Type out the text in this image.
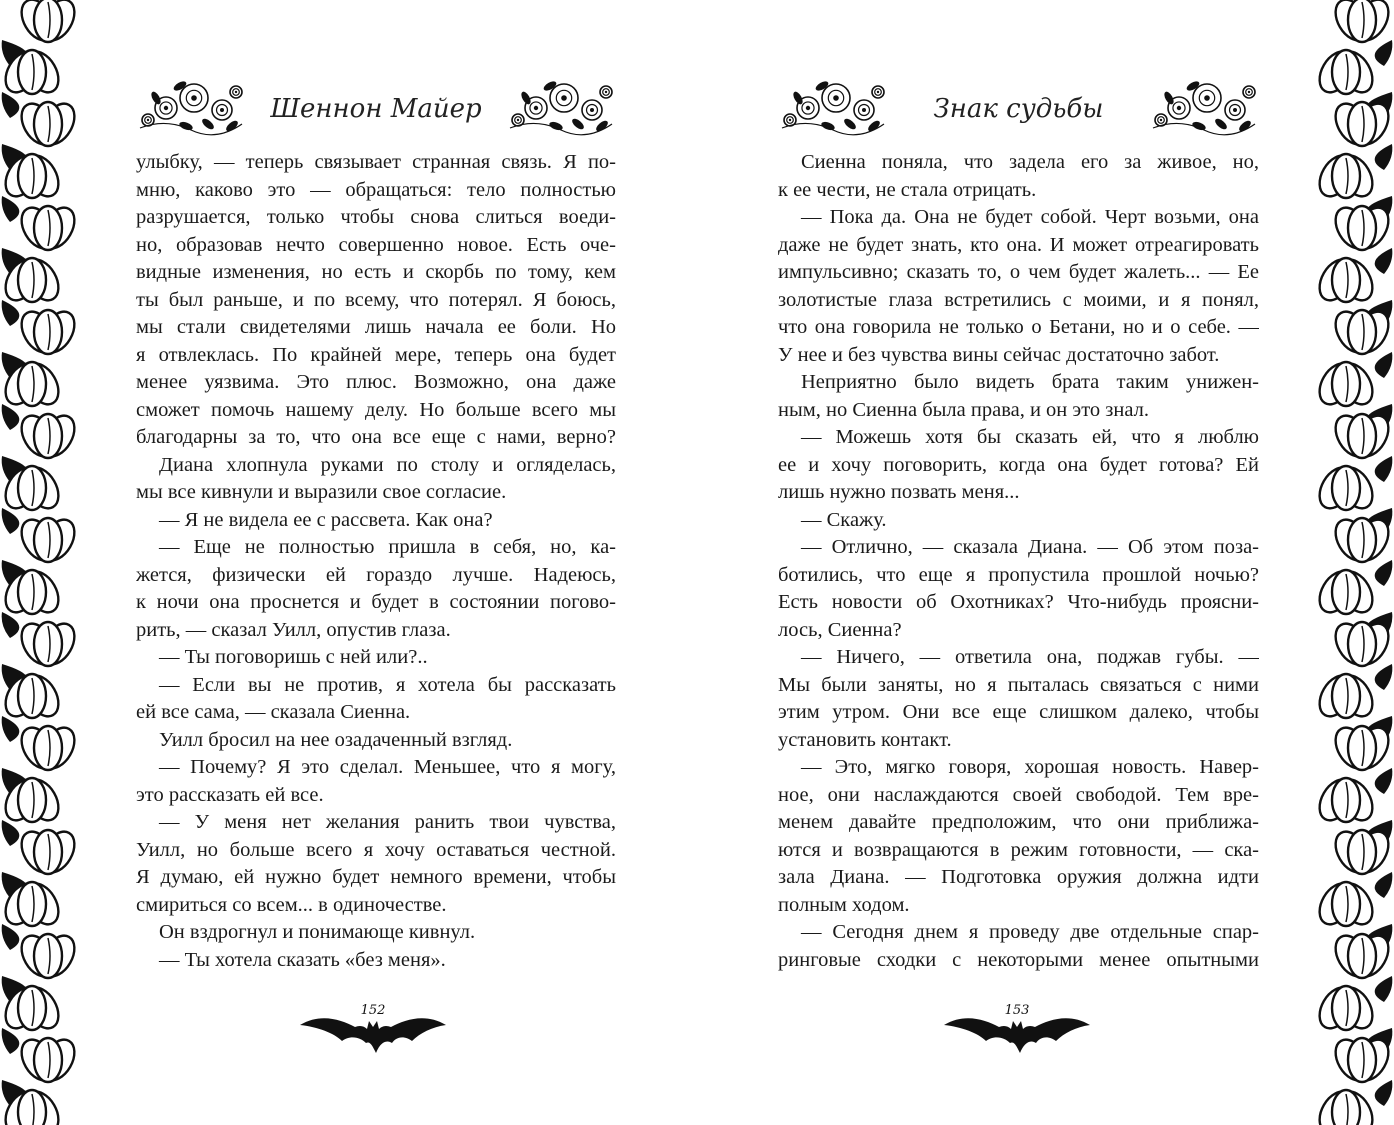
Шеннон Майер
улыбку, — теперь связывает странная связь. Я по-
мню, каково это — обращаться: тело полностью
разрушается, только чтобы снова слиться воеди-
но, образовав нечто совершенно новое. Есть оче-
видные изменения, но есть и скорбь по тому, кем
ты был раньше, и по всему, что потерял. Я боюсь,
мы стали свидетелями лишь начала ее боли. Но
я отвлеклась. По крайней мере, теперь она будет
менее уязвима. Это плюс. Возможно, она даже
сможет помочь нашему делу. Но больше всего мы
благодарны за то, что она все еще с нами, верно?
Диана хлопнула руками по столу и огляделась,
мы все кивнули и выразили свое согласие.
— Я не видела ее с рассвета. Как она?
— Еще не полностью пришла в себя, но, ка-
жется, физически ей гораздо лучше. Надеюсь,
к ночи она проснется и будет в состоянии погово-
рить, — сказал Уилл, опустив глаза.
— Ты поговоришь с ней или?..
— Если вы не против, я хотела бы рассказать
ей все сама, — сказала Сиенна.
Уилл бросил на нее озадаченный взгляд.
— Почему? Я это сделал. Меньшее, что я могу,
это рассказать ей все.
— У меня нет желания ранить твои чувства,
Уилл, но больше всего я хочу оставаться честной.
Я думаю, ей нужно будет немного времени, чтобы
смириться со всем... в одиночестве.
Он вздрогнул и понимающе кивнул.
— Ты хотела сказать «без меня».
152
Знак судьбы
Сиенна поняла, что задела его за живое, но,
к ее чести, не стала отрицать.
— Пока да. Она не будет собой. Черт возьми, она
даже не будет знать, кто она. И может отреагировать
импульсивно; сказать то, о чем будет жалеть... — Ее
золотистые глаза встретились с моими, и я понял,
что она говорила не только о Бетани, но и о себе. —
У нее и без чувства вины сейчас достаточно забот.
Неприятно было видеть брата таким унижен-
ным, но Сиенна была права, и он это знал.
— Можешь хотя бы сказать ей, что я люблю
ее и хочу поговорить, когда она будет готова? Ей
лишь нужно позвать меня...
— Скажу.
— Отлично, — сказала Диана. — Об этом поза-
ботились, что еще я пропустила прошлой ночью?
Есть новости об Охотниках? Что-нибудь проясни-
лось, Сиенна?
— Ничего, — ответила она, поджав губы. —
Мы были заняты, но я пыталась связаться с ними
этим утром. Они все еще слишком далеко, чтобы
установить контакт.
— Это, мягко говоря, хорошая новость. Навер-
ное, они наслаждаются своей свободой. Тем вре-
менем давайте предположим, что они приближа-
ются и возвращаются в режим готовности, — ска-
зала Диана. — Подготовка оружия должна идти
полным ходом.
— Сегодня днем я проведу две отдельные спар-
ринговые сходки с некоторыми менее опытными
153
